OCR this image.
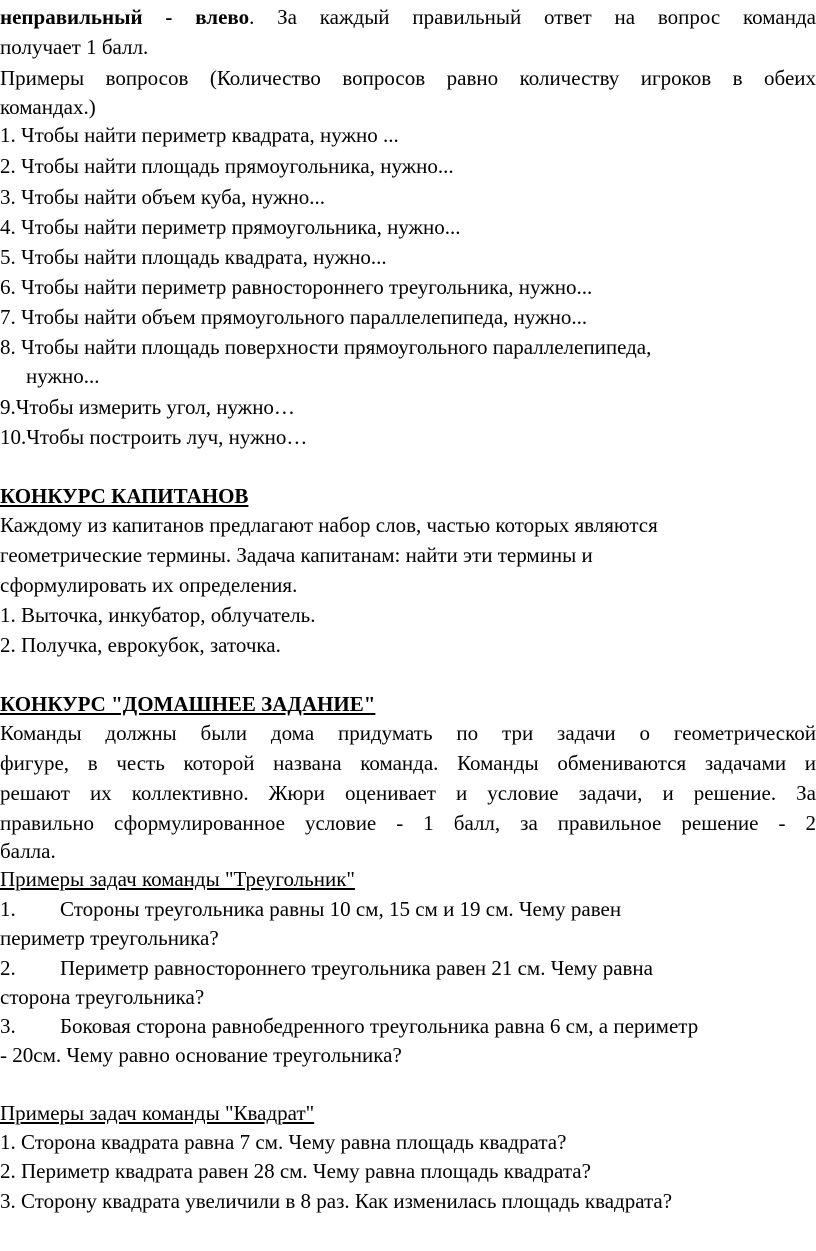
неправильный - влево. За каждый правильный ответ на вопрос команда
получает 1 балл.
Примеры вопросов (Количество вопросов равно количеству игроков в обеих
командах.)
1. Чтобы найти периметр квадрата, нужно ...
2. Чтобы найти площадь прямоугольника, нужно...
3. Чтобы найти объем куба, нужно...
4. Чтобы найти периметр прямоугольника, нужно...
5. Чтобы найти площадь квадрата, нужно...
6. Чтобы найти периметр равностороннего треугольника, нужно...
7. Чтобы найти объем прямоугольного параллелепипеда, нужно...
8. Чтобы найти площадь поверхности прямоугольного параллелепипеда,
нужно...
9.Чтобы измерить угол, нужно…
10.Чтобы построить луч, нужно…
КОНКУРС КАПИТАНОВ
Каждому из капитанов предлагают набор слов, частью которых являются
геометрические термины. Задача капитанам: найти эти термины и
сформулировать их определения.
1. Выточка, инкубатор, облучатель.
2. Получка, еврокубок, заточка.
КОНКУРС "ДОМАШНЕЕ ЗАДАНИЕ"
Команды должны были дома придумать по три задачи о геометрической
фигуре, в честь которой названа команда. Команды обмениваются задачами и
решают их коллективно. Жюри оценивает и условие задачи, и решение. За
правильно сформулированное условие - 1 балл, за правильное решение - 2
балла.
Примеры задач команды "Треугольник"
1. Стороны треугольника равны 10 см, 15 см и 19 см. Чему равен
периметр треугольника?
2. Периметр равностороннего треугольника равен 21 см. Чему равна
сторона треугольника?
3. Боковая сторона равнобедренного треугольника равна 6 см, а периметр
- 20см. Чему равно основание треугольника?
Примеры задач команды "Квадрат"
1. Сторона квадрата равна 7 см. Чему равна площадь квадрата?
2. Периметр квадрата равен 28 см. Чему равна площадь квадрата?
3. Сторону квадрата увеличили в 8 раз. Как изменилась площадь квадрата?
